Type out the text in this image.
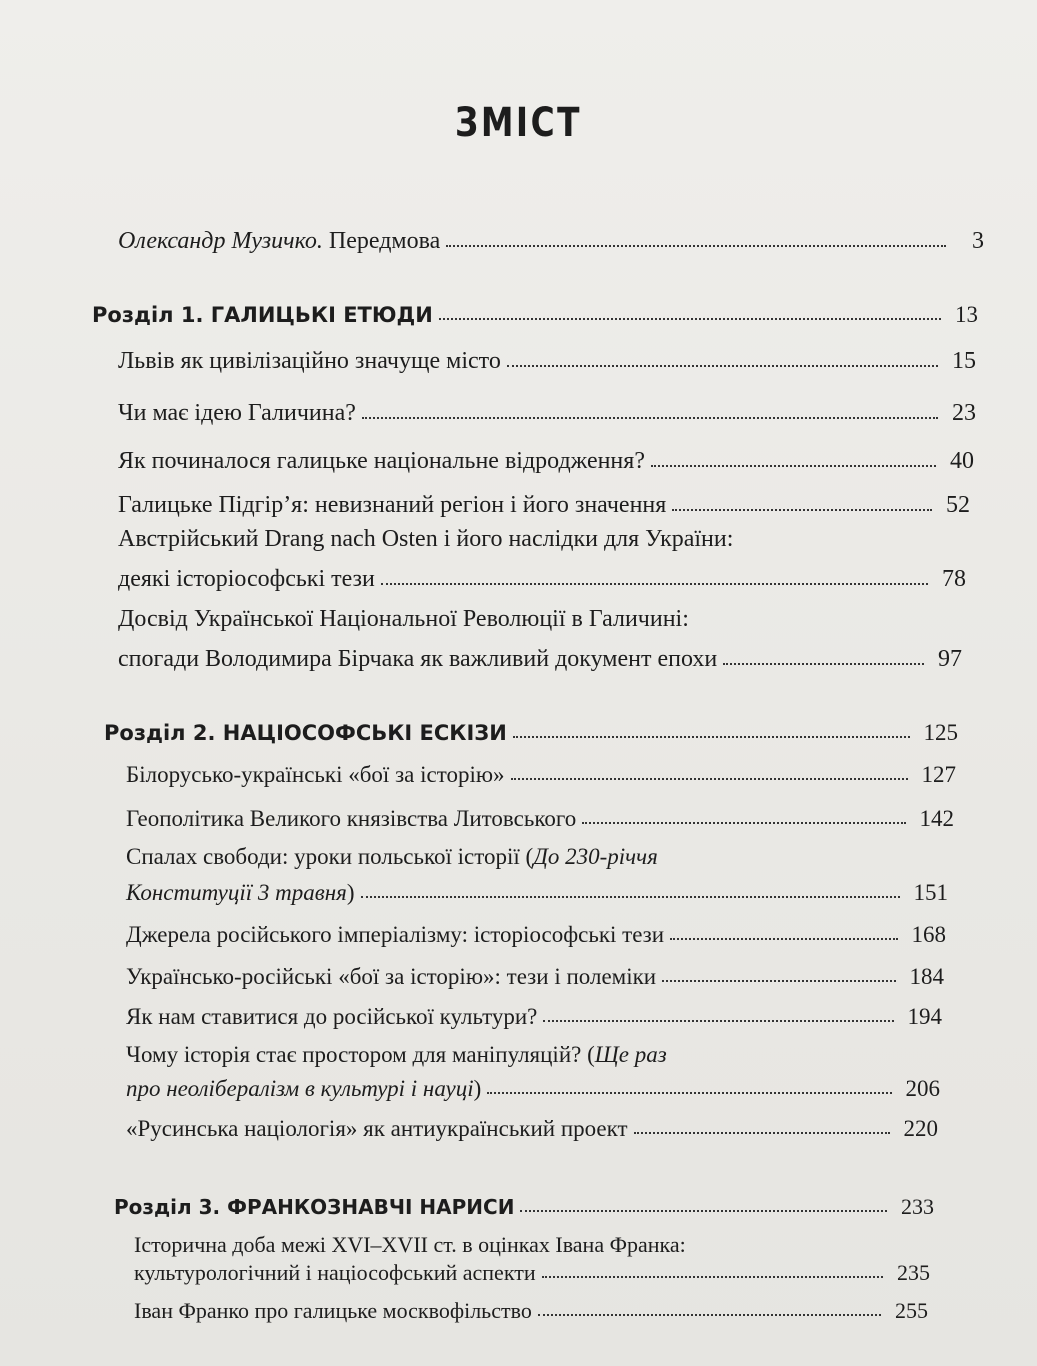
ЗМІСТ
Олександр Музичко. Передмова	3
Розділ 1. ГАЛИЦЬКІ ЕТЮДИ	13
Львів як цивілізаційно значуще місто	15
Чи має ідею Галичина?	23
Як починалося галицьке національне відродження?	40
Галицьке Підгір’я: невизнаний регіон і його значення	52
Австрійський Drang nach Osten і його наслідки для України:
деякі історіософські тези	78
Досвід Української Національної Революції в Галичині:
спогади Володимира Бірчака як важливий документ епохи	97
Розділ 2. НАЦІОСОФСЬКІ ЕСКІЗИ	125
Білорусько-українські «бої за історію»	127
Геополітика Великого князівства Литовського	142
Спалах свободи: уроки польської історії (До 230-річчя
Конституції 3 травня)	151
Джерела російського імперіалізму: історіософські тези	168
Українсько-російські «бої за історію»: тези і полеміки	184
Як нам ставитися до російської культури?	194
Чому історія стає простором для маніпуляцій? (Ще раз
про неолібералізм в культурі і науці)	206
«Русинська націологія» як антиукраїнський проект	220
Розділ 3. ФРАНКОЗНАВЧІ НАРИСИ	233
Історична доба межі XVI–XVII ст. в оцінках Івана Франка:
культурологічний і націософський аспекти	235
Іван Франко про галицьке москвофільство	255
